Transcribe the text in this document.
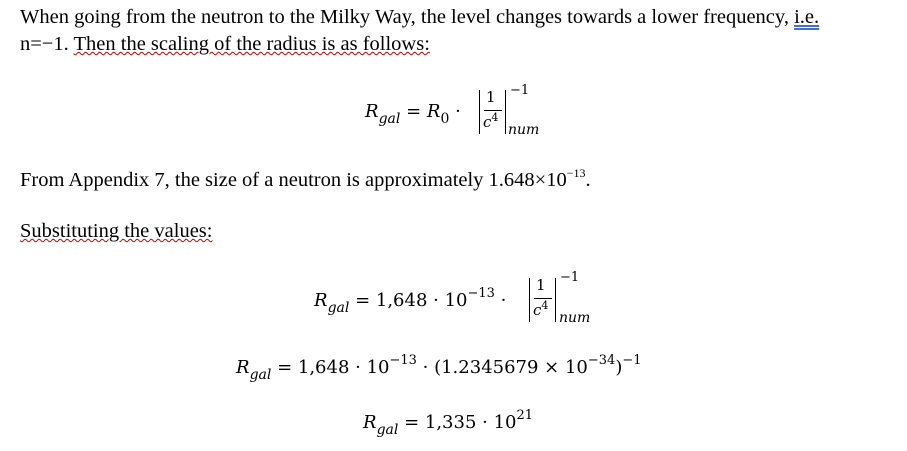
When going from the neutron to the Milky Way, the level changes towards a lower frequency, i.e.
n=−1. Then the scaling of the radius is as follows:
$R_{gal} = R_0$ ·
1
$c^4$
−1
num
From Appendix 7, the size of a neutron is approximately $1.648\times 10^{-13}$.
Substituting the values:
$R_{gal} = 1,648 \cdot 10^{-13}$ ·
1
$c^4$
−1
num
$R_{gal} = 1,648 \cdot 10^{-13} \cdot (1.2345679 \times 10^{-34})^{-1}$
$R_{gal} = 1,335 \cdot 10^{21}$
